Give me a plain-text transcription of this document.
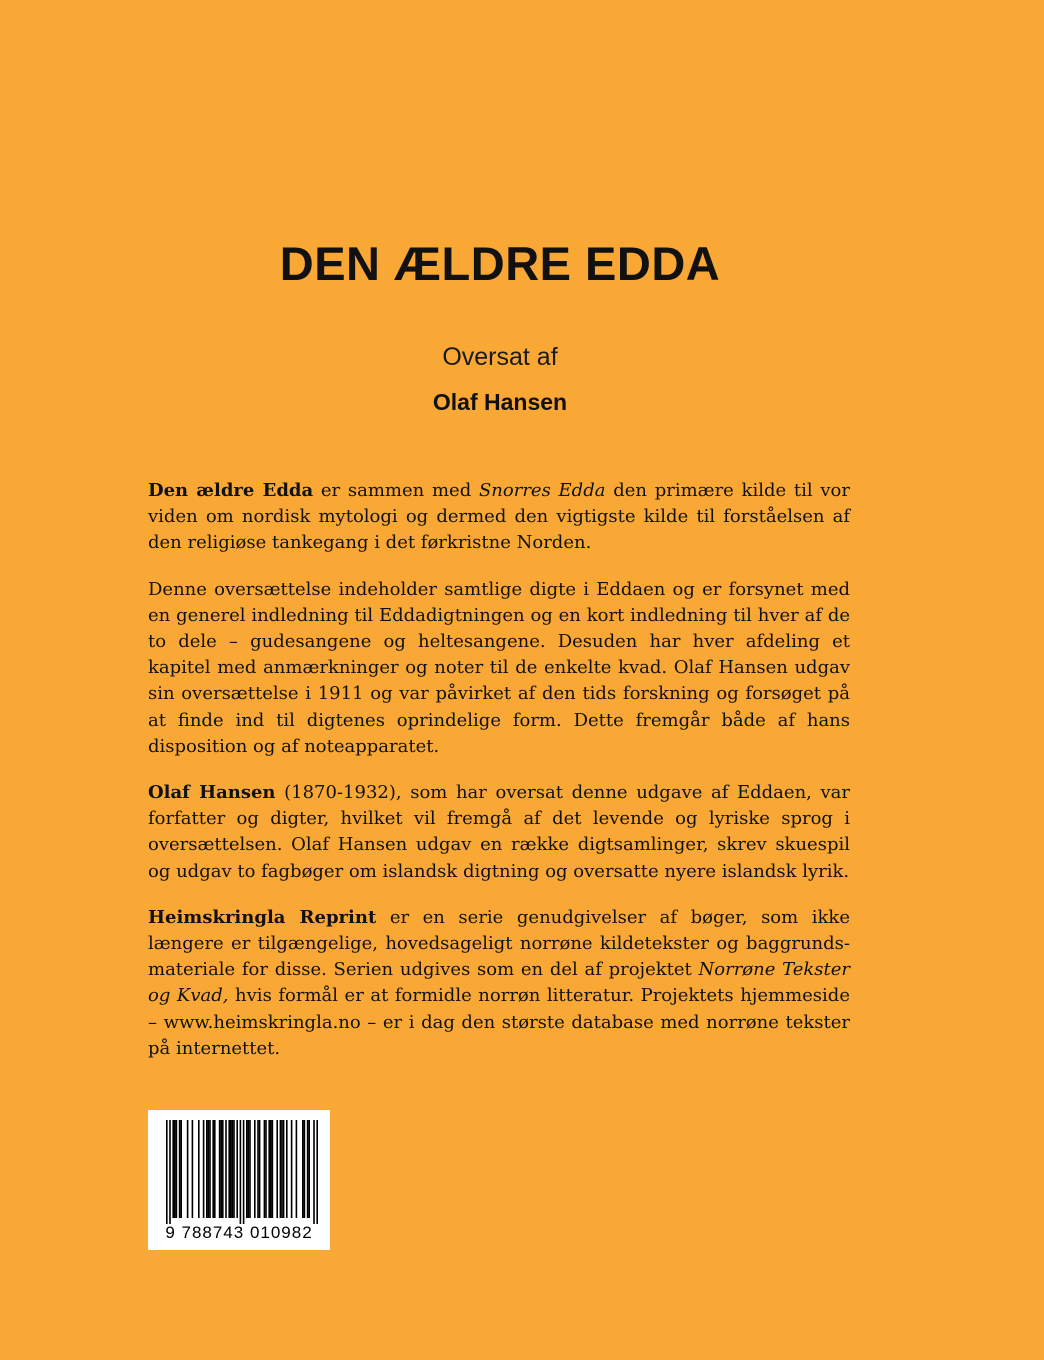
DEN ÆLDRE EDDA
Oversat af
Olaf Hansen

Den ældre Edda er sammen med Snorres Edda den primære kilde til vor viden om nordisk mytologi og dermed den vigtigste kilde til forståelsen af den religiøse tankegang i det førkristne Norden.

Denne oversættelse indeholder samtlige digte i Eddaen og er forsynet med en generel indledning til Eddadigtningen og en kort indledning til hver af de to dele – gudesangene og heltesangene. Desuden har hver afdeling et kapitel med anmærkninger og noter til de enkelte kvad. Olaf Hansen udgav sin oversættelse i 1911 og var påvirket af den tids forskning og forsøget på at finde ind til digtenes oprindelige form. Dette fremgår både af hans disposition og af noteapparatet.

Olaf Hansen (1870-1932), som har oversat denne udgave af Eddaen, var forfatter og digter, hvilket vil fremgå af det levende og lyriske sprog i oversættelsen. Olaf Hansen udgav en række digtsamlinger, skrev skuespil og udgav to fagbøger om islandsk digtning og oversatte nyere islandsk lyrik.

Heimskringla Reprint er en serie genudgivelser af bøger, som ikke længere er tilgængelige, hovedsageligt norrøne kildetekster og baggrundsmateriale for disse. Serien udgives som en del af projektet Norrøne Tekster og Kvad, hvis formål er at formidle norrøn litteratur. Projektets hjemmeside – www.heimskringla.no – er i dag den største database med norrøne tekster på internettet.

9 788743 010982
